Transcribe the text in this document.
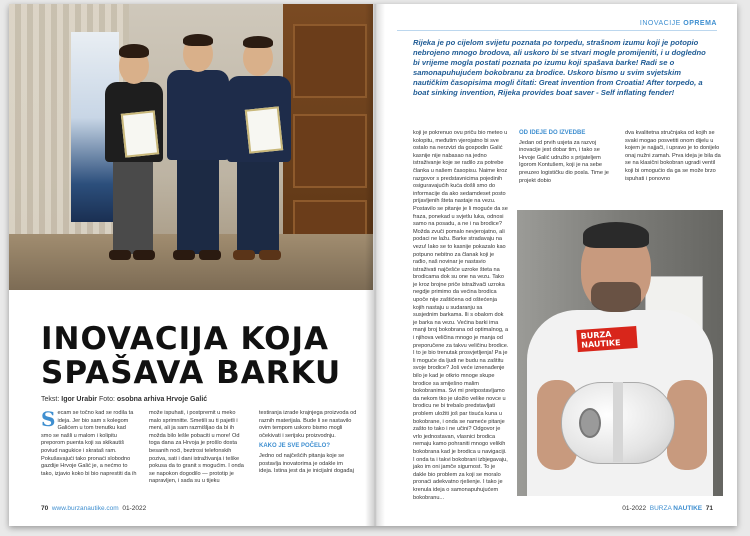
INOVACIJA KOJA
SPAŠAVA BARKU
Tekst: Igor Urabir Foto: osobna arhiva Hrvoje Galić
S ecam se točno kad se rodila ta ideja. Jer bio sam s kolegom Galićem u tom trenutku kad smo se našli u malom i kolipitu preporom puenta koji sa skikautiš poviud nagukice i skrataš ram. Pokušavajući tako pronaći slobodno gazdije Hrvoje Galić je, a nećmo to tako, izjavio koko bi bio naprestiti da ih
može ispuhati, i postpremit u meko malo sprimnitte. Smetili su ti pajetli i meni, ali ja sam razmišljao da bi ih možda bilo lešle pobaciti u more! Od toga dana za Hrvoja je prošlo dosta besanih noći, beztrosi telefonskih poziva, sati i dani istraživanja i teške pokusa da to granit s mogućim. I onda se napokon dogodilo — prototip je napravljen, i sada su u tijeku
testiranja izrade krajnjega proizvoda od raznih materijala. Bude li se nastavilo ovim tempom uskoro bismo mogli očekivati i serijsku proizvodnju.
KAKO JE SVE POČELO?
Jedno od najčešćih pitanja koje se postavlja inovatorima je odakle im ideja. Istina jest da je inicijalni događaj
70 www.burzanautike.com 01-2022
INOVACIJE OPREMA
Rijeka je po cijelom svijetu poznata po torpedu, strašnom izumu koji je potopio nebrojeno mnogo brodova, ali uskoro bi se stvari mogle promijeniti, i u dogledno bi vrijeme mogla postati poznata po izumu koji spašava barke! Radi se o samonapuhujućem bokobranu za brodice. Uskoro bismo u svim svjetskim nautičkim časopisima mogli čitati: Great invention from Croatia! After torpedo, a boat sinking invention, Rijeka provides boat saver - Self inflating fender!
koji je pokrenuo ovu priču bio meteo u kolopitu, međutim vjerojatno bi sve ostalo na nerzvizi da gospodin Galić kasnije nije nabasao na jedno istraživanje koje se radilo za potrebe članka u našem časopisu. Naime kroz razgovor s predstavnicima pojedinih osiguravajućih kuća došli smo do informacije da ako sedamdeset posto prijavljenih šteta nastaje na vezu. Postavilo se pitanje je li moguće da se fraza, ponekad u svjetlu luka, odnosi samo na posadu, a ne i na brodice? Možda zvuči pomalo nevjerojatno, ali podaci ne lažu. Barke stradavaju na vezu! Iako se to kasnije pokazalo kao potpuno nebitno za članak koji je rađio, naš novinar je nastavio istraživati najčešće uzroke šteta na brodicama dok su one na vezu. Tako je kroz brojne priče istraživači uzroka negdje primimo da većina brodica upoče nije zaštićena od oštećenja kojih nastaju u sudaranju sa susjednim barkama. Ili s obalom dok je barka na vezu. Većina barki ima manji broj bokobrana od optimalnog, a i njihova veličina mnogo je manja od preporučene za takvu veličinu brodice. I to je bio trenutak prosvjetljenja! Pa je li moguće da ljudi ne budu na zaštitu svoje brodice? Još veće iznenađenje bilo je kad je otkrio mnoge skupe brodice sa smiješno malim bokobranima. Svi mi pretpostavljamo da nekom tko je uložio velike novce u brodicu ne bi trebalo predstavljati problem uložiti još par tisuća kuna u bokobrane, i onda se nameće pitanje zašto to tako i ne učini? Odgovor je vrlo jednostavan, vlasnici brodica nemaju kamo pohraniti mnogo velikih bokobrana kad je brodica u navigaciji. I onda ta i takvi bokobrani izbjegavaju, jako im oni jamče sigurnost. To je dakle bio problem za koji se moralo pronaći adekvatno rješenje. I tako je krenula ideja o samonapuhujućem bokobranu...
OD IDEJE DO IZVEDBE
Jedan od prvih usjeta za razvoj inovacije jest dobar tim, i tako se Hrvoje Galić udružio s prijateljem Igorom Kontušem, koji je na sebe preuzeo logističku dio posla. Time je projekt dobio
dva kvalitetna stručnjaka od kojih se svaki mogao posvetiti onom dijelu u kojem je najjači, i upravo je to donijelo onaj nužni zamah. Prva ideja je bila da se na klasični bokobran ugradi ventil koji bi omogućio da ga se može brzo ispuhati i ponovno
BURZA
NAUTIKE
01-2022 BURZA NAUTIKE 71
